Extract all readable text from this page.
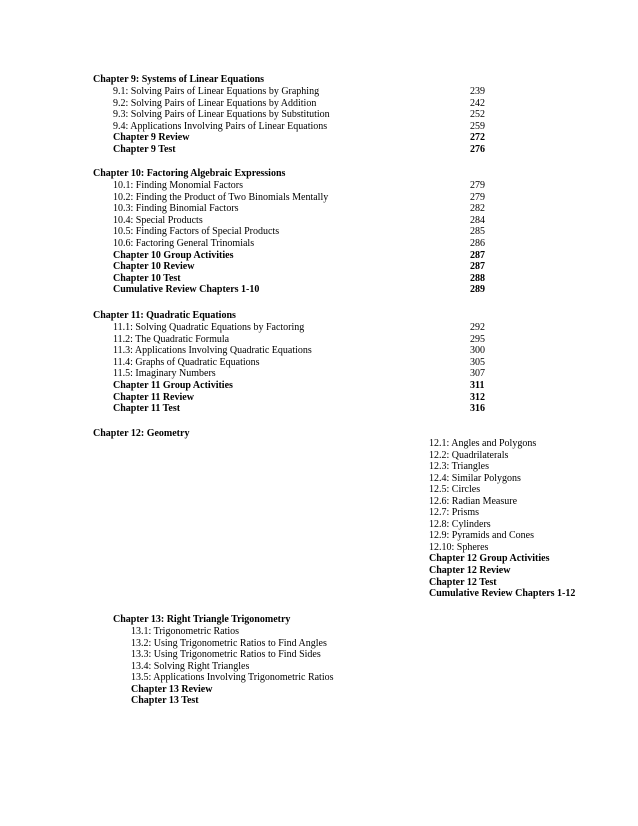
Chapter 9: Systems of Linear Equations
9.1: Solving Pairs of Linear Equations by Graphing	239
9.2: Solving Pairs of Linear Equations by Addition	242
9.3: Solving Pairs of Linear Equations by Substitution	252
9.4: Applications Involving Pairs of Linear Equations	259
Chapter 9 Review	272
Chapter 9 Test	276
Chapter 10: Factoring Algebraic Expressions
10.1: Finding Monomial Factors	279
10.2: Finding the Product of Two Binomials Mentally	279
10.3: Finding Binomial Factors	282
10.4: Special Products	284
10.5: Finding Factors of Special Products	285
10.6: Factoring General Trinomials	286
Chapter 10 Group Activities	287
Chapter 10 Review	287
Chapter 10 Test	288
Cumulative Review Chapters 1-10	289
Chapter 11: Quadratic Equations
11.1: Solving Quadratic Equations by Factoring	292
11.2: The Quadratic Formula	295
11.3: Applications Involving Quadratic Equations	300
11.4: Graphs of Quadratic Equations	305
11.5: Imaginary Numbers	307
Chapter 11 Group Activities	311
Chapter 11 Review	312
Chapter 11 Test	316
Chapter 12: Geometry
12.1: Angles and Polygons
12.2: Quadrilaterals
12.3: Triangles
12.4: Similar Polygons
12.5: Circles
12.6: Radian Measure
12.7: Prisms
12.8: Cylinders
12.9: Pyramids and Cones
12.10: Spheres
Chapter 12 Group Activities
Chapter 12 Review
Chapter 12 Test
Cumulative Review Chapters 1-12
Chapter 13: Right Triangle Trigonometry
13.1: Trigonometric Ratios
13.2: Using Trigonometric Ratios to Find Angles
13.3: Using Trigonometric Ratios to Find Sides
13.4: Solving Right Triangles
13.5: Applications Involving Trigonometric Ratios
Chapter 13 Review
Chapter 13 Test
